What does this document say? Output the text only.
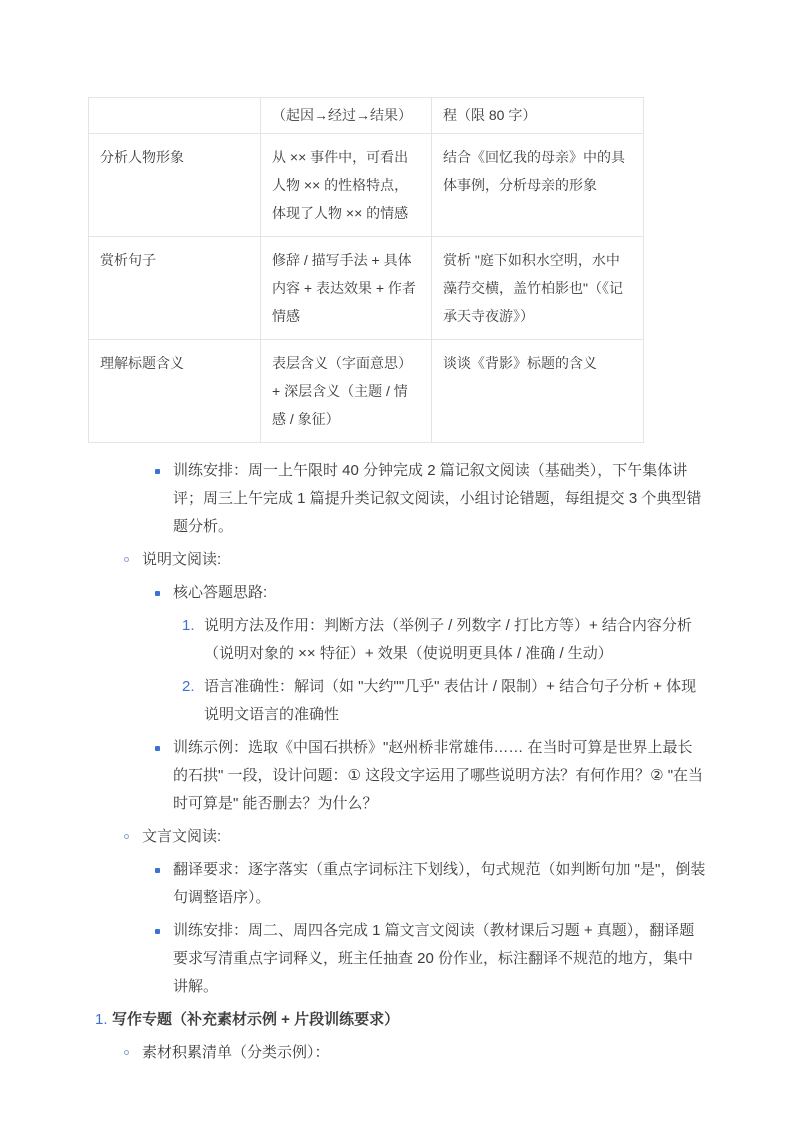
	（起因→经过→结果）	程（限 80 字）
分析人物形象	从 ×× 事件中，可看出人物 ×× 的性格特点，体现了人物 ×× 的情感	结合《回忆我的母亲》中的具体事例，分析母亲的形象
赏析句子	修辞 / 描写手法 + 具体内容 + 表达效果 + 作者情感	赏析 "庭下如积水空明，水中藻荇交横，盖竹柏影也"（《记承天寺夜游》）
理解标题含义	表层含义（字面意思）+ 深层含义（主题 / 情感 / 象征）	谈谈《背影》标题的含义
训练安排：周一上午限时 40 分钟完成 2 篇记叙文阅读（基础类），下午集体讲评；周三上午完成 1 篇提升类记叙文阅读，小组讨论错题，每组提交 3 个典型错题分析。
说明文阅读:
核心答题思路:
1. 说明方法及作用：判断方法（举例子 / 列数字 / 打比方等）+ 结合内容分析（说明对象的 ×× 特征）+ 效果（使说明更具体 / 准确 / 生动）
2. 语言准确性：解词（如 "大约""几乎" 表估计 / 限制）+ 结合句子分析 + 体现说明文语言的准确性
训练示例：选取《中国石拱桥》"赵州桥非常雄伟…… 在当时可算是世界上最长的石拱" 一段，设计问题：① 这段文字运用了哪些说明方法？有何作用？② "在当时可算是" 能否删去？为什么？
文言文阅读:
翻译要求：逐字落实（重点字词标注下划线），句式规范（如判断句加 "是"，倒装句调整语序）。
训练安排：周二、周四各完成 1 篇文言文阅读（教材课后习题 + 真题），翻译题要求写清重点字词释义，班主任抽查 20 份作业，标注翻译不规范的地方，集中讲解。
1. 写作专题（补充素材示例 + 片段训练要求）
素材积累清单（分类示例）：
